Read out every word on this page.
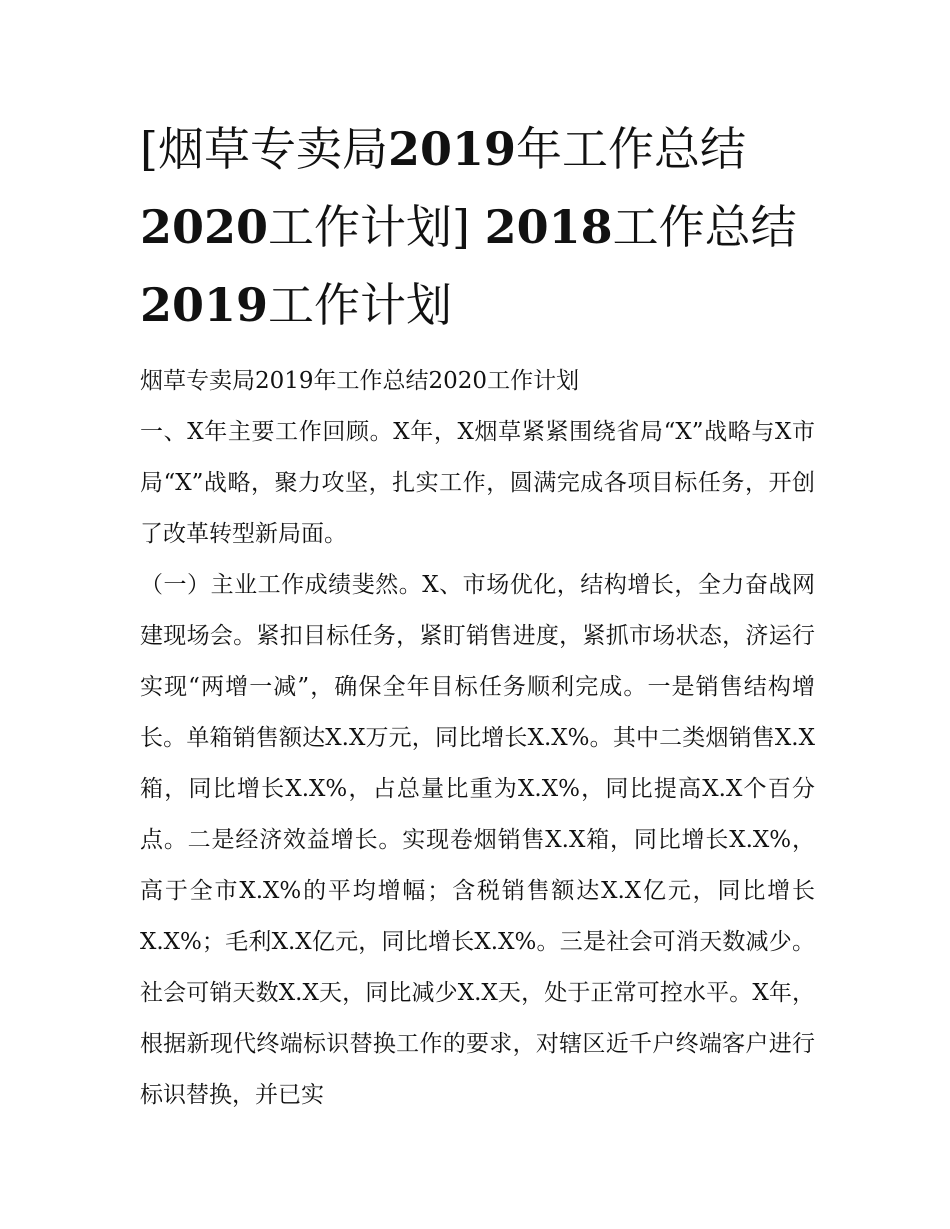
[烟草专卖局2019年工作总结2020工作计划] 2018工作总结 2019工作计划

烟草专卖局2019年工作总结2020工作计划

一、X年主要工作回顾。X年，X烟草紧紧围绕省局“X”战略与X市局“X”战略，聚力攻坚，扎实工作，圆满完成各项目标任务，开创了改革转型新局面。

（一）主业工作成绩斐然。X、市场优化，结构增长，全力奋战网建现场会。紧扣目标任务，紧盯销售进度，紧抓市场状态，济运行实现“两增一减”，确保全年目标任务顺利完成。一是销售结构增长。单箱销售额达X.X万元，同比增长X.X%。其中二类烟销售X.X箱，同比增长X.X%，占总量比重为X.X%，同比提高X.X个百分点。二是经济效益增长。实现卷烟销售X.X箱，同比增长X.X%，高于全市X.X%的平均增幅；含税销售额达X.X亿元，同比增长X.X%；毛利X.X亿元，同比增长X.X%。三是社会可消天数减少。社会可销天数X.X天，同比减少X.X天，处于正常可控水平。X年，根据新现代终端标识替换工作的要求，对辖区近千户终端客户进行标识替换，并已实
